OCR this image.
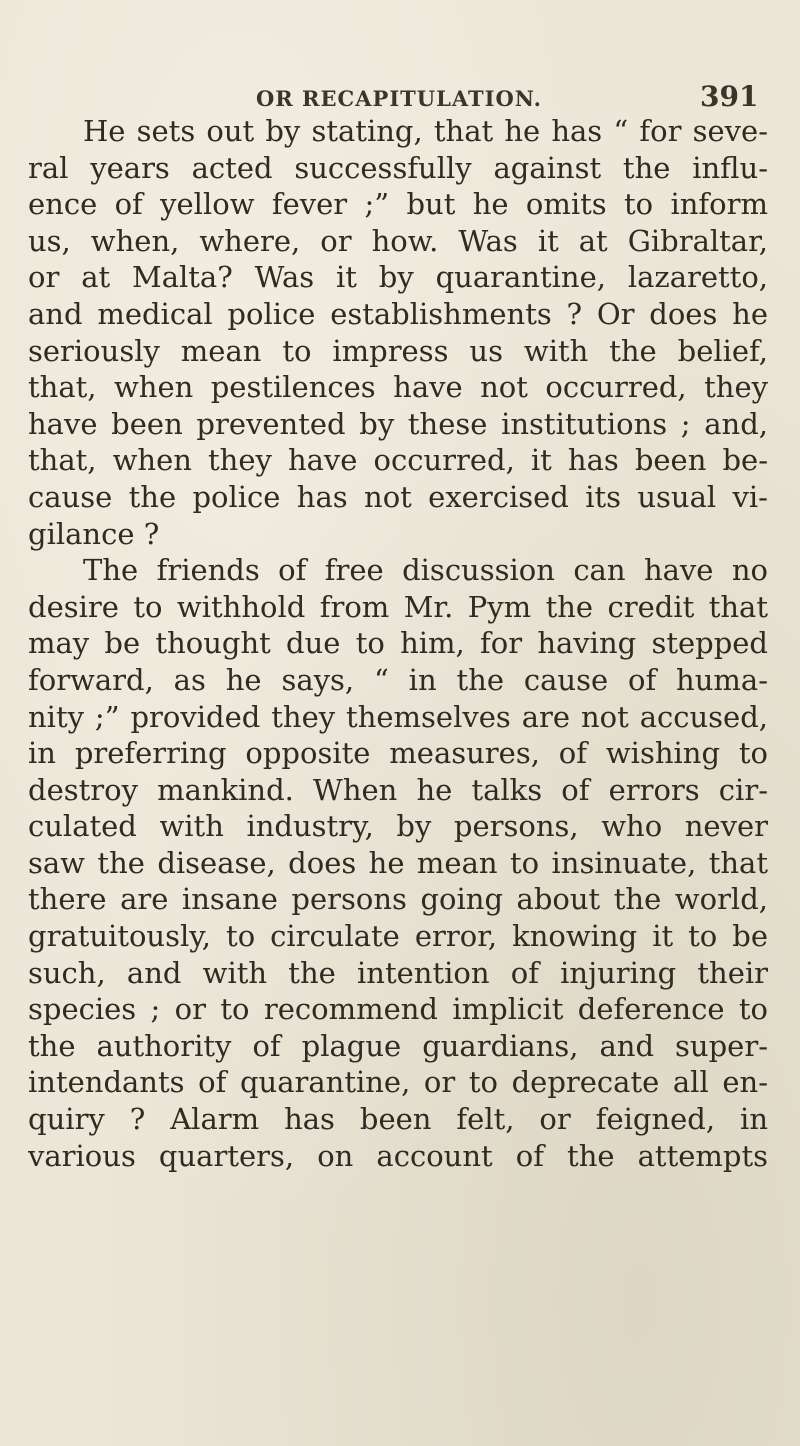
OR RECAPITULATION.	391
He sets out by stating, that he has “ for seve-
ral years acted successfully against the influ-
ence of yellow fever ;” but he omits to inform
us, when, where, or how. Was it at Gibraltar,
or at Malta? Was it by quarantine, lazaretto,
and medical police establishments ? Or does he
seriously mean to impress us with the belief,
that, when pestilences have not occurred, they
have been prevented by these institutions ; and,
that, when they have occurred, it has been be-
cause the police has not exercised its usual vi-
gilance ?
The friends of free discussion can have no
desire to withhold from Mr. Pym the credit that
may be thought due to him, for having stepped
forward, as he says, “ in the cause of huma-
nity ;” provided they themselves are not accused,
in preferring opposite measures, of wishing to
destroy mankind. When he talks of errors cir-
culated with industry, by persons, who never
saw the disease, does he mean to insinuate, that
there are insane persons going about the world,
gratuitously, to circulate error, knowing it to be
such, and with the intention of injuring their
species ; or to recommend implicit deference to
the authority of plague guardians, and super-
intendants of quarantine, or to deprecate all en-
quiry ? Alarm has been felt, or feigned, in
various quarters, on account of the attempts
